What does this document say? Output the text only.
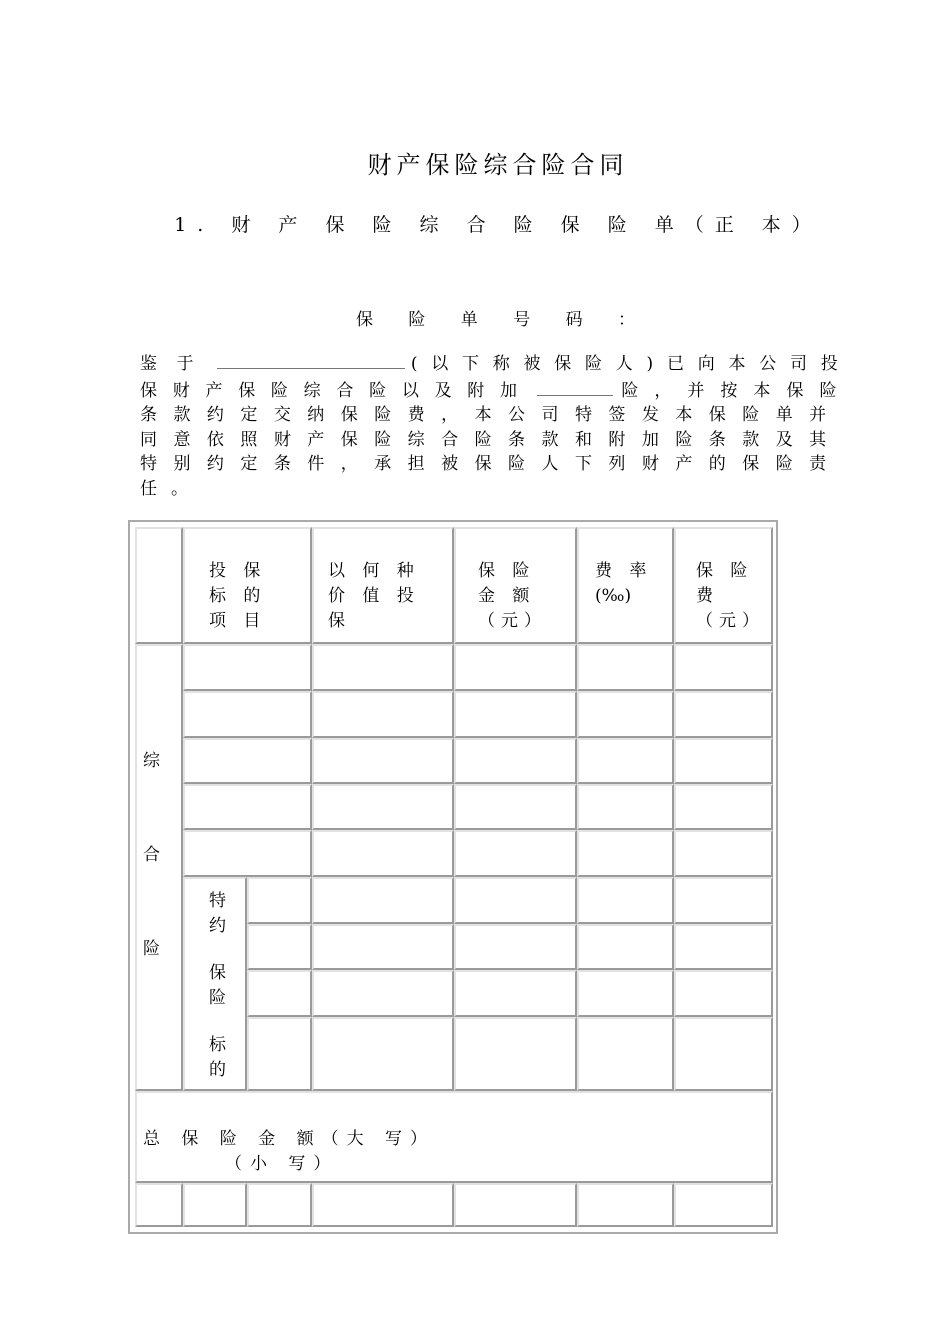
财产保险综合险合同
1. 财 产 保 险 综 合 险 保 险 单（正 本）
保 险 单 号 码 ：
鉴于	(以下称被保险人)已向本公司投
保财产保险综合险以及附加	险，并按本保险
条款约定交纳保险费，本公司特签发本保险单并
同意依照财产保险综合险条款和附加险条款及其
特别约定条件，承担被保险人下列财产的保险责
任。
投 保
标 的
项 目
以 何 种
价 值 投
保
保 险
金 额
（元）
费 率
(‰)
保 险
费
（元）
综
合
险
特
约
保
险
标
的
总 保 险 金 额（大 写）
（小 写）
